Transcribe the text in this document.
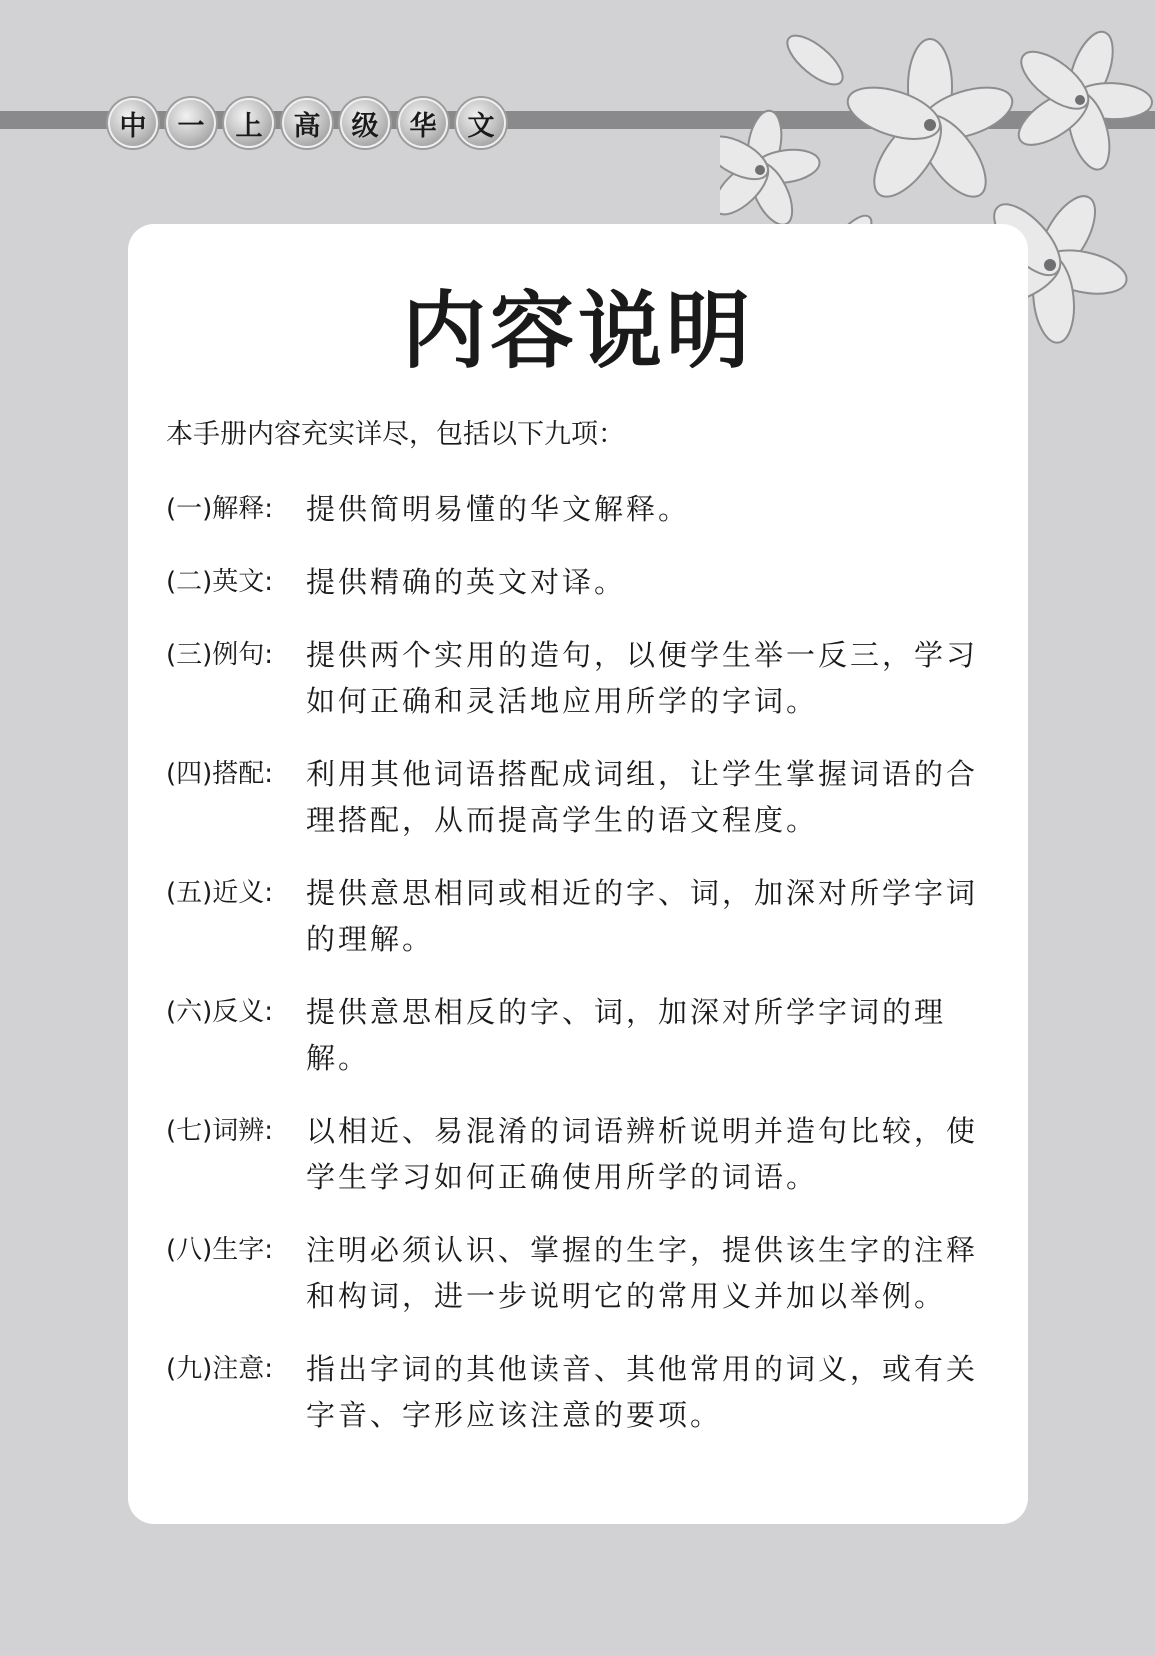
中	一	上	高	级	华	文
内容说明
本手册内容充实详尽，包括以下九项：
(一)解释:	提供简明易懂的华文解释。
(二)英文:	提供精确的英文对译。
(三)例句:	提供两个实用的造句，以便学生举一反三，学习如何正确和灵活地应用所学的字词。
(四)搭配:	利用其他词语搭配成词组，让学生掌握词语的合理搭配，从而提高学生的语文程度。
(五)近义:	提供意思相同或相近的字、词，加深对所学字词的理解。
(六)反义:	提供意思相反的字、词，加深对所学字词的理解。
(七)词辨:	以相近、易混淆的词语辨析说明并造句比较，使学生学习如何正确使用所学的词语。
(八)生字:	注明必须认识、掌握的生字，提供该生字的注释和构词，进一步说明它的常用义并加以举例。
(九)注意:	指出字词的其他读音、其他常用的词义，或有关字音、字形应该注意的要项。
